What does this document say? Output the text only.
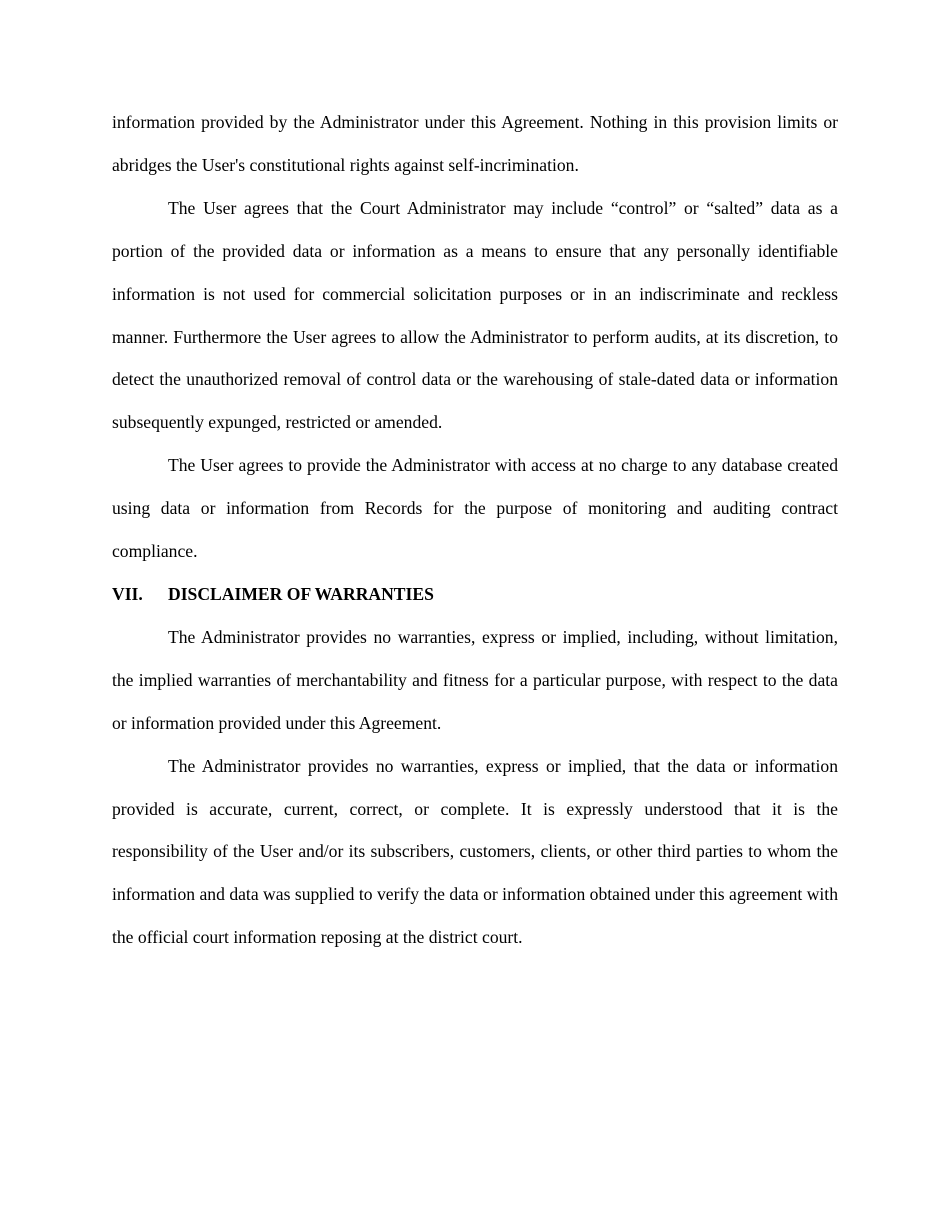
information provided by the Administrator under this Agreement. Nothing in this provision limits or abridges the User's constitutional rights against self-incrimination.

The User agrees that the Court Administrator may include “control” or “salted” data as a portion of the provided data or information as a means to ensure that any personally identifiable information is not used for commercial solicitation purposes or in an indiscriminate and reckless manner. Furthermore the User agrees to allow the Administrator to perform audits, at its discretion, to detect the unauthorized removal of control data or the warehousing of stale-dated data or information subsequently expunged, restricted or amended.

The User agrees to provide the Administrator with access at no charge to any database created using data or information from Records for the purpose of monitoring and auditing contract compliance.

VII.	DISCLAIMER OF WARRANTIES

The Administrator provides no warranties, express or implied, including, without limitation, the implied warranties of merchantability and fitness for a particular purpose, with respect to the data or information provided under this Agreement.

The Administrator provides no warranties, express or implied, that the data or information provided is accurate, current, correct, or complete. It is expressly understood that it is the responsibility of the User and/or its subscribers, customers, clients, or other third parties to whom the information and data was supplied to verify the data or information obtained under this agreement with the official court information reposing at the district court.
